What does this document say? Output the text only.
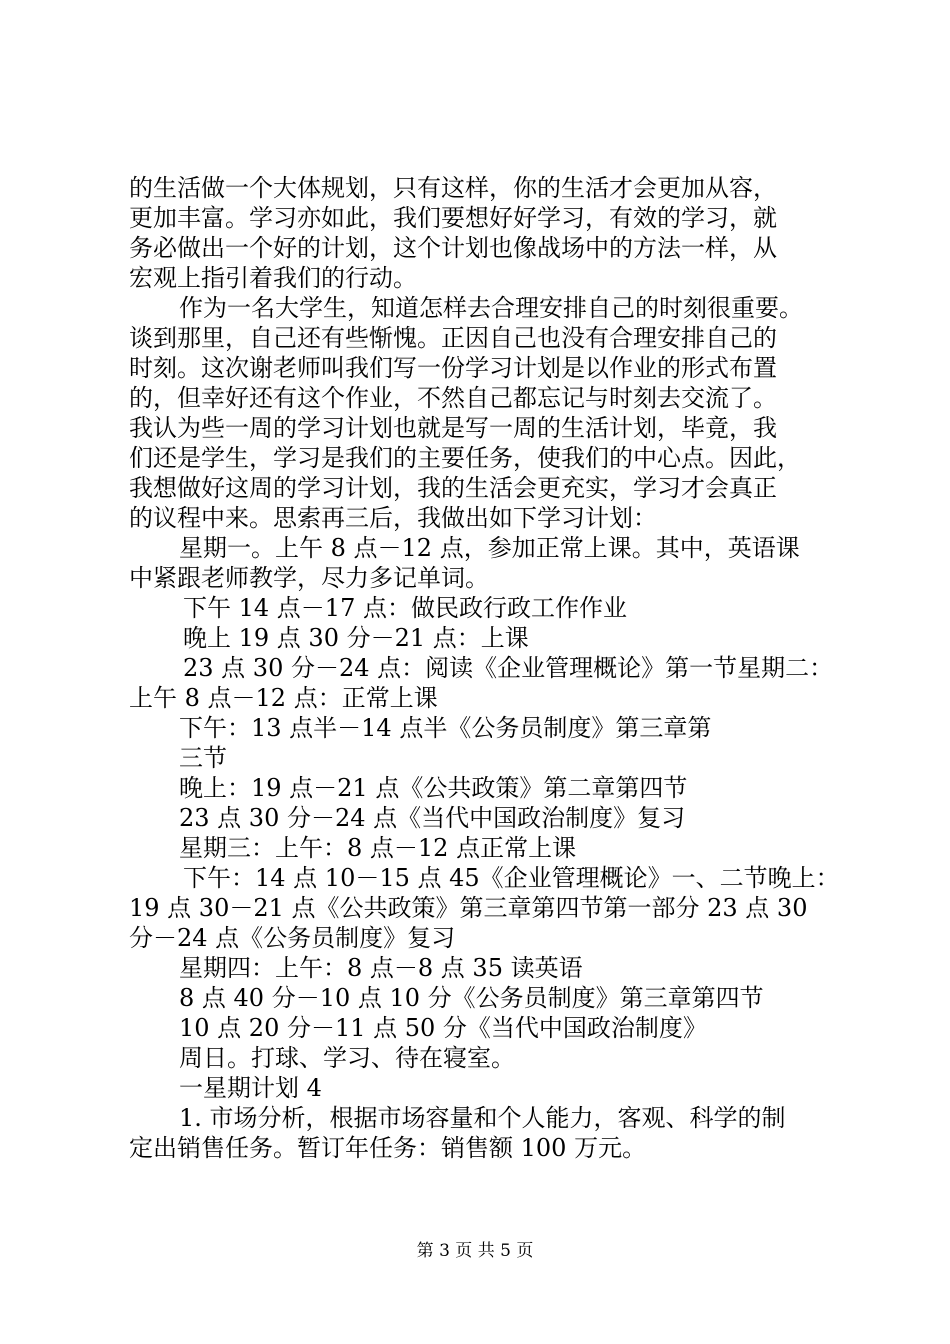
的生活做一个大体规划，只有这样，你的生活才会更加从容，
更加丰富。学习亦如此，我们要想好好学习，有效的学习，就
务必做出一个好的计划，这个计划也像战场中的方法一样，从
宏观上指引着我们的行动。
作为一名大学生，知道怎样去合理安排自己的时刻很重要。
谈到那里，自己还有些惭愧。正因自己也没有合理安排自己的
时刻。这次谢老师叫我们写一份学习计划是以作业的形式布置
的，但幸好还有这个作业，不然自己都忘记与时刻去交流了。
我认为些一周的学习计划也就是写一周的生活计划，毕竟，我
们还是学生，学习是我们的主要任务，使我们的中心点。因此，
我想做好这周的学习计划，我的生活会更充实，学习才会真正
的议程中来。思索再三后，我做出如下学习计划：
星期一。上午 8 点－12 点，参加正常上课。其中，英语课
中紧跟老师教学，尽力多记单词。
下午 14 点－17 点：做民政行政工作作业
晚上 19 点 30 分－21 点：上课
23 点 30 分－24 点：阅读《企业管理概论》第一节星期二：
上午 8 点－12 点：正常上课
下午：13 点半－14 点半《公务员制度》第三章第
三节
晚上：19 点－21 点《公共政策》第二章第四节
23 点 30 分－24 点《当代中国政治制度》复习
星期三：上午：8 点－12 点正常上课
下午：14 点 10－15 点 45《企业管理概论》一、二节晚上：
19 点 30－21 点《公共政策》第三章第四节第一部分 23 点 30
分－24 点《公务员制度》复习
星期四：上午：8 点－8 点 35 读英语
8 点 40 分－10 点 10 分《公务员制度》第三章第四节
10 点 20 分－11 点 50 分《当代中国政治制度》
周日。打球、学习、待在寝室。
一星期计划 4
1. 市场分析，根据市场容量和个人能力，客观、科学的制
定出销售任务。暂订年任务：销售额 100 万元。
第 3 页 共 5 页
